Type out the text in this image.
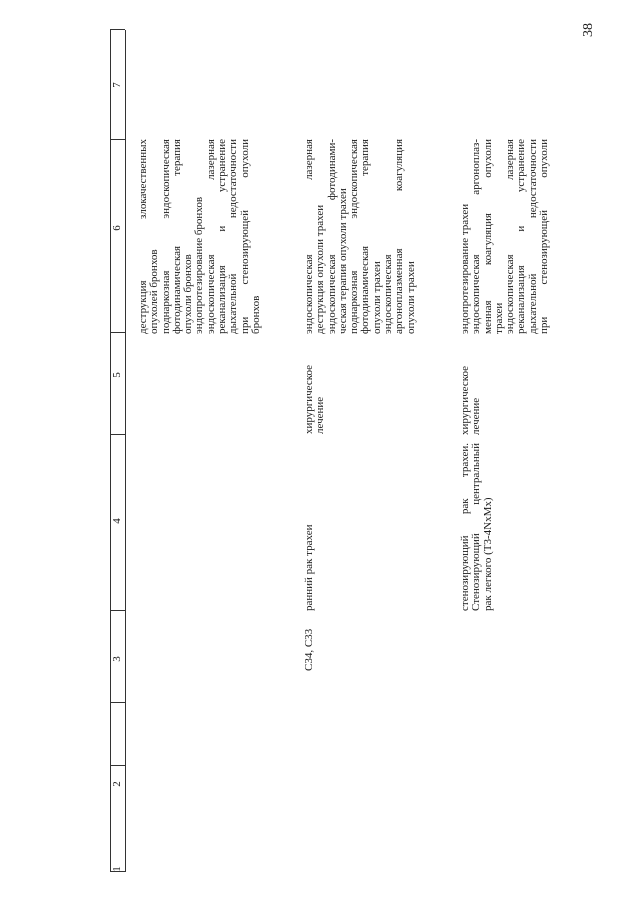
38
1
2
3
4
5
6
7
деструкция злокачественных опухолей бронхов поднаркозная эндоскопическая фотодинамическая терапия опухоли бронхов эндопротезирование бронхов эндоскопическая лазерная реканализация и устранение дыхательной недостаточности при стенозирующей опухоли бронхов
C34, C33
ранний рак трахеи
хирургическое лечение
эндоскопическая лазерная деструкция опухоли трахеи эндоскопическая фотодинами- ческая терапия опухоли трахеи поднаркозная эндоскопическая фотодинамическая терапия опухоли трахеи эндоскопическая аргоноплазменная коагуляция опухоли трахеи
стенозирующий рак трахеи. Стенозирующий центральный рак легкого (T3-4NxMx)
хирургическое лечение
эндопротезирование трахеи эндоскопическая аргоноплаз- менная коагуляция опухоли трахеи эндоскопическая лазерная реканализация и устранение дыхательной недостаточности при стенозирующей опухоли
